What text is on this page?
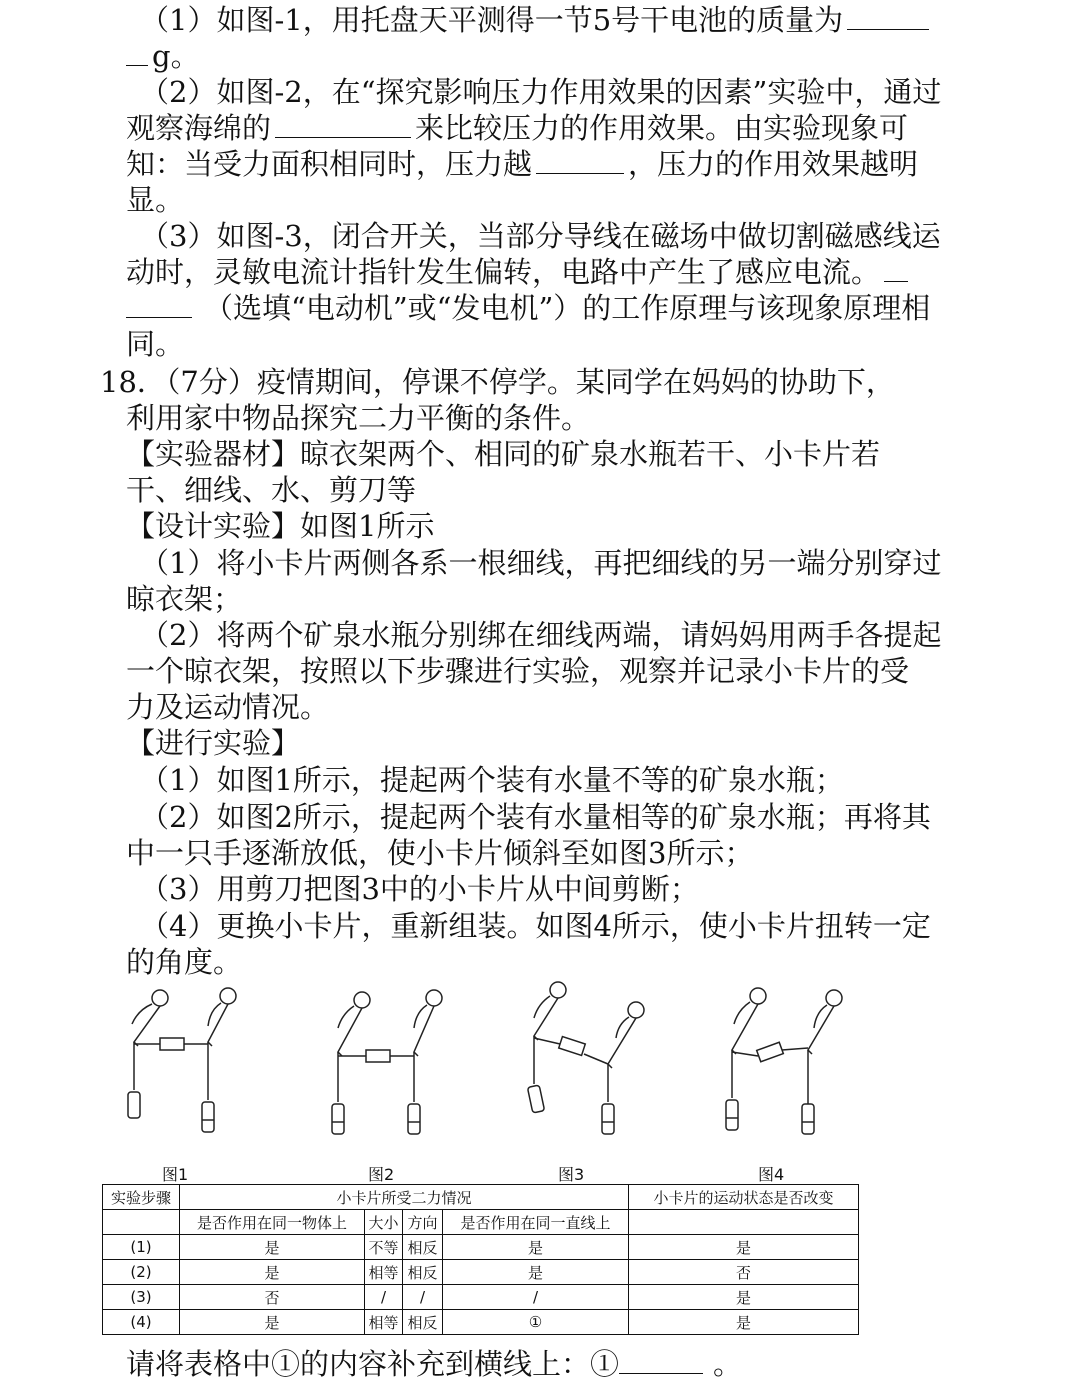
（1）如图-1，用托盘天平测得一节5号干电池的质量为
g。
（2）如图-2，在“探究影响压力作用效果的因素”实验中，通过
观察海绵的	来比较压力的作用效果。由实验现象可
知：当受力面积相同时，压力越	，压力的作用效果越明
显。
（3）如图-3，闭合开关，当部分导线在磁场中做切割磁感线运
动时，灵敏电流计指针发生偏转，电路中产生了感应电流。
（选填“电动机”或“发电机”）的工作原理与该现象原理相
同。
18．（7分）疫情期间，停课不停学。某同学在妈妈的协助下，
利用家中物品探究二力平衡的条件。
【实验器材】晾衣架两个、相同的矿泉水瓶若干、小卡片若
干、细线、水、剪刀等
【设计实验】如图1所示
（1）将小卡片两侧各系一根细线，再把细线的另一端分别穿过
晾衣架；
（2）将两个矿泉水瓶分别绑在细线两端，请妈妈用两手各提起
一个晾衣架，按照以下步骤进行实验，观察并记录小卡片的受
力及运动情况。
【进行实验】
（1）如图1所示，提起两个装有水量不等的矿泉水瓶；
（2）如图2所示，提起两个装有水量相等的矿泉水瓶；再将其
中一只手逐渐放低，使小卡片倾斜至如图3所示；
（3）用剪刀把图3中的小卡片从中间剪断；
（4）更换小卡片，重新组装。如图4所示，使小卡片扭转一定
的角度。
图1	图2	图3	图4
实验步骤	小卡片所受二力情况				小卡片的运动状态是否改变
	是否作用在同一物体上	大小	方向	是否作用在同一直线上	
(1)	是	不等	相反	是	是
(2)	是	相等	相反	是	否
(3)	否	/	/	/	是
(4)	是	相等	相反	①	是
请将表格中①的内容补充到横线上：①	。
